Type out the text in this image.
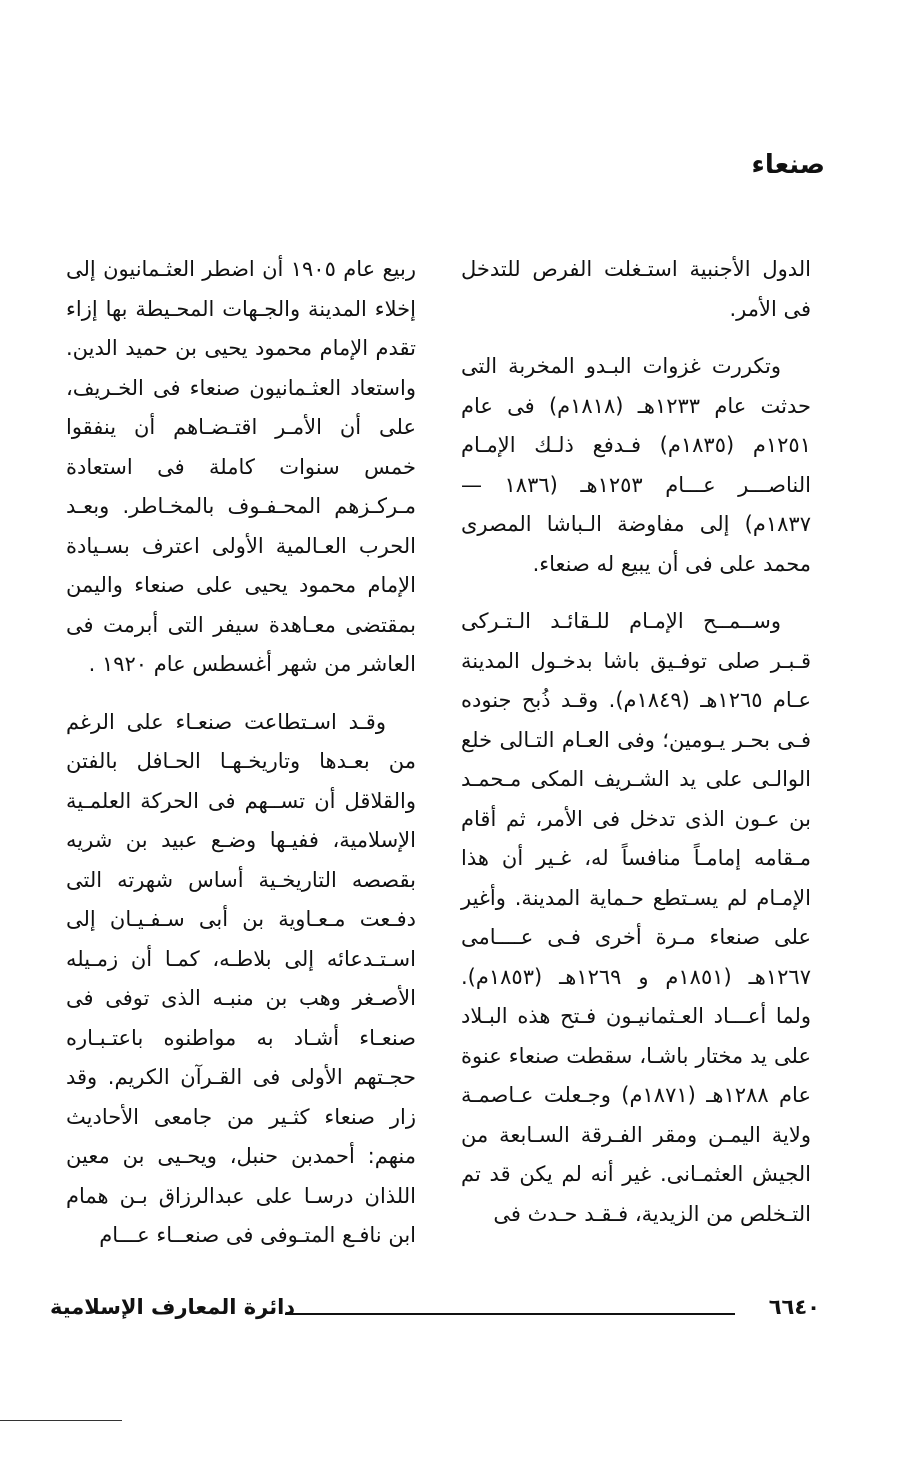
صنعاء

الدول الأجنبية استـغلت الفرص للتدخل فى الأمر.

وتكررت غزوات البـدو المخربة التى حدثت عام ١٢٣٣هـ (١٨١٨م) فى عام ١٢٥١م (١٨٣٥م) فـدفع ذلـك الإمـام الناصـــر عـــام ١٢٥٣هـ (١٨٣٦ — ١٨٣٧م) إلى مفاوضة الـباشا المصرى محمد على فى أن يبيع له صنعاء.

وســمــح الإمـام للـقائـد الـتـركى قـبـر صلى توفـيق باشا بدخـول المدينة عـام ١٢٦٥هـ (١٨٤٩م). وقـد ذُبح جنوده فـى بحـر يـومين؛ وفى العـام التـالى خلع الوالـى على يد الشـريف المكى مـحمـد بن عـون الذى تدخل فى الأمر، ثم أقام مـقامه إمامـاً منافساً له، غـير أن هذا الإمـام لم يسـتطع حـماية المدينة. وأغير على صنعاء مـرة أخرى فـى عــــامى ١٢٦٧هـ (١٨٥١م و ١٢٦٩هـ (١٨٥٣م). ولما أعـــاد العـثمانيـون فـتح هذه البـلاد على يد مختار باشـا، سقطت صنعاء عنوة عام ١٢٨٨هـ (١٨٧١م) وجـعلت عـاصمـة ولاية اليمـن ومقر الفـرقة السـابعة من الجيش العثمـانى. غير أنه لم يكن قد تم التـخلص من الزيدية، فـقـد حـدث فى

ربيع عام ١٩٠٥ أن اضطر العثـمانيون إلى إخلاء المدينة والجـهات المحـيطة بها إزاء تقدم الإمام محمود يحيى بن حميد الدين. واستعاد العثـمانيون صنعاء فى الخـريف، على أن الأمـر اقتـضـاهم أن ينفقوا خمس سنوات كاملة فى استعادة مـركـزهم المحـفـوف بالمخـاطر. وبعـد الحرب العـالمية الأولى اعترف بسـيادة الإمام محمود يحيى على صنعاء واليمن بمقتضى معـاهدة سيفر التى أبرمت فى العاشر من شهر أغسطس عام ١٩٢٠ .

وقـد اسـتطاعت صنعـاء على الرغم من بعـدها وتاريخـهـا الحـافل بالفتن والقلاقل أن تســهم فى الحركة العلمـية الإسلامية، ففيـها وضـع عبيد بن شريه بقصصه التاريخـية أساس شهرته التى دفـعت مـعـاوية بن أبى سـفـيـان إلى اسـتـدعائه إلى بلاطـه، كمـا أن زمـيله الأصـغر وهب بن منبـه الذى توفى فى صنعـاء أشـاد به مواطنوه باعتـبـاره حجـتهم الأولى فى القـرآن الكريم. وقد زار صنعاء كثـير من جامعى الأحاديث منهم: أحمدبن حنبل، ويحـيى بن معين اللذان درسـا على عبدالرزاق بـن همام ابن نافـع المتـوفى فى صنعــاء عـــام

٦٦٤٠
دائرة المعارف الإسلامية
